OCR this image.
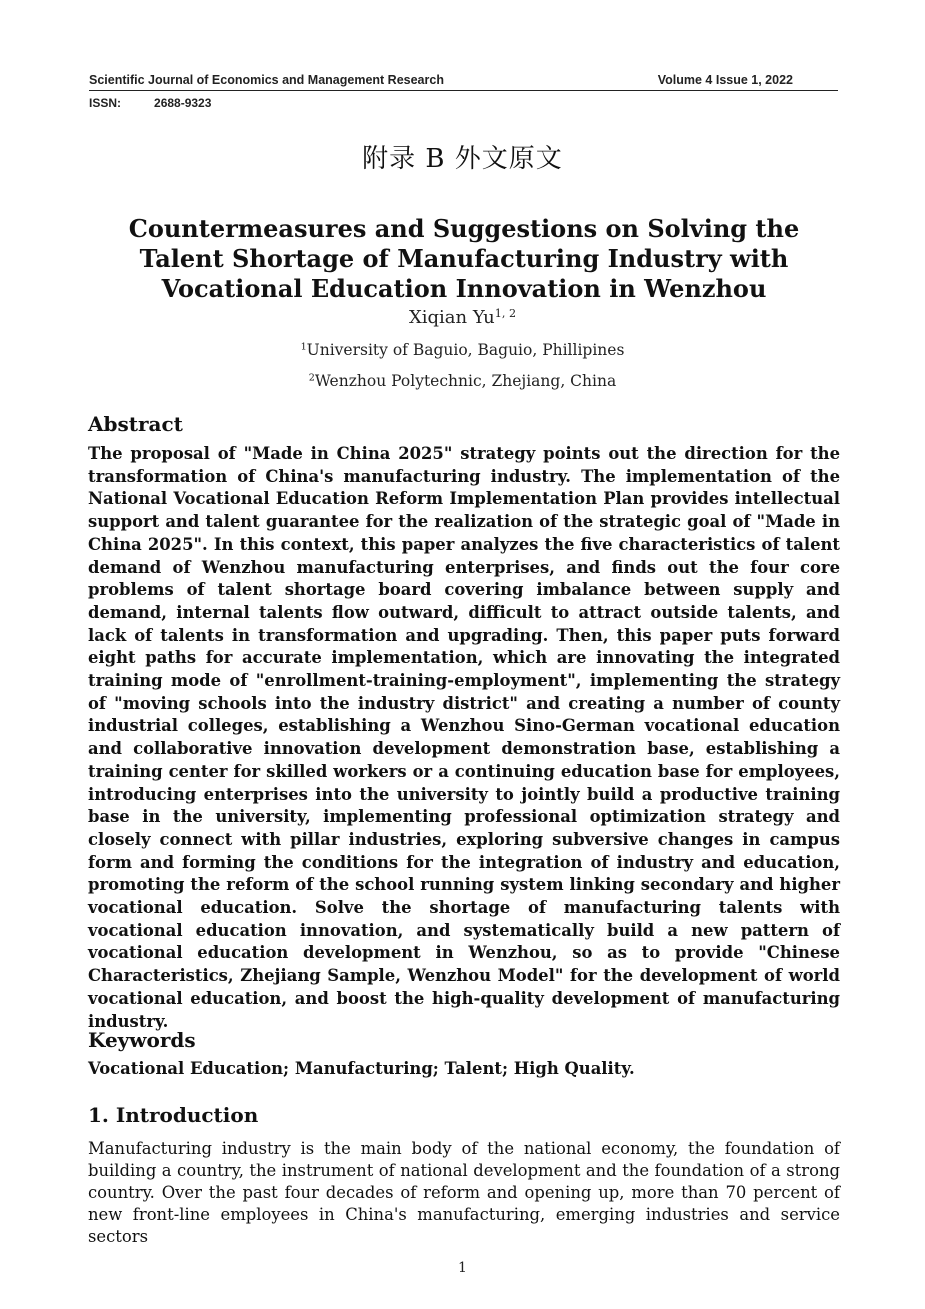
Scientific Journal of Economics and Management Research	Volume 4 Issue 1, 2022
ISSN:	2688-9323
附录 B 外文原文
Countermeasures and Suggestions on Solving the Talent Shortage of Manufacturing Industry with Vocational Education Innovation in Wenzhou
Xiqian Yu$^{1, 2}$
$^1$University of Baguio, Baguio, Phillipines
$^2$Wenzhou Polytechnic, Zhejiang, China
Abstract

The proposal of "Made in China 2025" strategy points out the direction for the transformation of China's manufacturing industry. The implementation of the National Vocational Education Reform Implementation Plan provides intellectual support and talent guarantee for the realization of the strategic goal of "Made in China 2025". In this context, this paper analyzes the five characteristics of talent demand of Wenzhou manufacturing enterprises, and finds out the four core problems of talent shortage board covering imbalance between supply and demand, internal talents flow outward, difficult to attract outside talents, and lack of talents in transformation and upgrading. Then, this paper puts forward eight paths for accurate implementation, which are innovating the integrated training mode of "enrollment-training-employment", implementing the strategy of "moving schools into the industry district" and creating a number of county industrial colleges, establishing a Wenzhou Sino-German vocational education and collaborative innovation development demonstration base, establishing a training center for skilled workers or a continuing education base for employees, introducing enterprises into the university to jointly build a productive training base in the university, implementing professional optimization strategy and closely connect with pillar industries, exploring subversive changes in campus form and forming the conditions for the integration of industry and education, promoting the reform of the school running system linking secondary and higher vocational education. Solve the shortage of manufacturing talents with vocational education innovation, and systematically build a new pattern of vocational education development in Wenzhou, so as to provide "Chinese Characteristics, Zhejiang Sample, Wenzhou Model" for the development of world vocational education, and boost the high-quality development of manufacturing industry.

Keywords
Vocational Education; Manufacturing; Talent; High Quality.
1. Introduction

Manufacturing industry is the main body of the national economy, the foundation of building a country, the instrument of national development and the foundation of a strong country. Over the past four decades of reform and opening up, more than 70 percent of new front-line employees in China's manufacturing, emerging industries and service sectors

1
